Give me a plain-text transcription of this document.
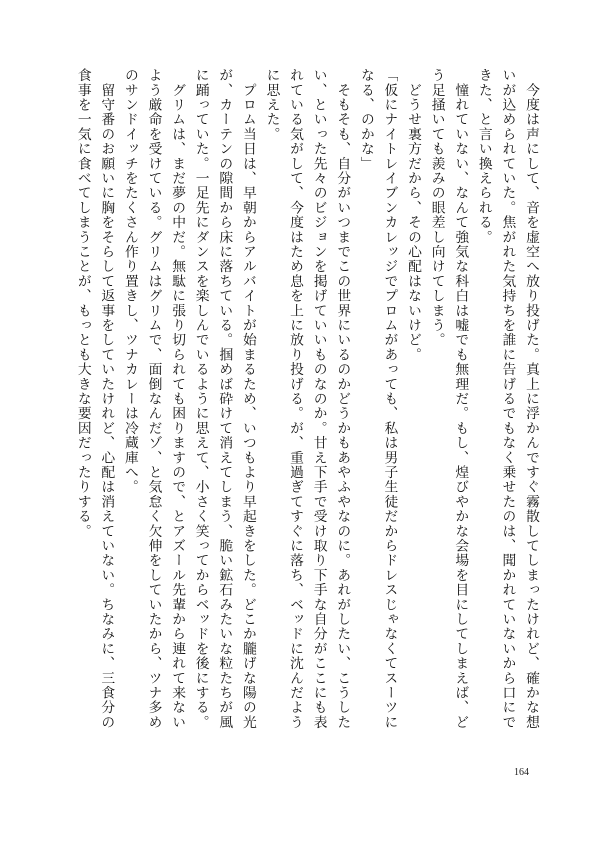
　今度は声にして、音を虚空へ放り投げた。真上に浮かんですぐ霧散してしまったけれど、確かな想
いが込められていた。焦がれた気持ちを誰に告げるでもなく乗せたのは、聞かれていないから口にで
きた、と言い換えられる。
　憧れていない、なんて強気な科白は嘘でも無理だ。もし、煌びやかな会場を目にしてしまえば、ど
う足掻いても羨みの眼差し向けてしまう。
　どうせ裏方だから、その心配はないけど。
「仮にナイトレイブンカレッジでプロムがあっても、私は男子生徒だからドレスじゃなくてスーツに
なる、のかな」
　そもそも、自分がいつまでこの世界にいるのかどうかもあやふやなのに。あれがしたい、こうした
い、といった先々のビジョンを掲げていいものなのか。甘え下手で受け取り下手な自分がここにも表
れている気がして、今度はため息を上に放り投げる。が、重過ぎてすぐに落ち、ベッドに沈んだよう
に思えた。
　プロム当日は、早朝からアルバイトが始まるため、いつもより早起きをした。どこか朧げな陽の光
が、カーテンの隙間から床に落ちている。掴めば砕けて消えてしまう、脆い鉱石みたいな粒たちが風
に踊っていた。一足先にダンスを楽しんでいるように思えて、小さく笑ってからベッドを後にする。
　グリムは、まだ夢の中だ。無駄に張り切られても困りますので、とアズール先輩から連れて来ない
よう厳命を受けている。グリムはグリムで、面倒なんだゾ、と気怠く欠伸をしていたから、ツナ多め
のサンドイッチをたくさん作り置きし、ツナカレーは冷蔵庫へ。
　留守番のお願いに胸をそらして返事をしていたけれど、心配は消えていない。ちなみに、三食分の
食事を一気に食べてしまうことが、もっとも大きな要因だったりする。
164
